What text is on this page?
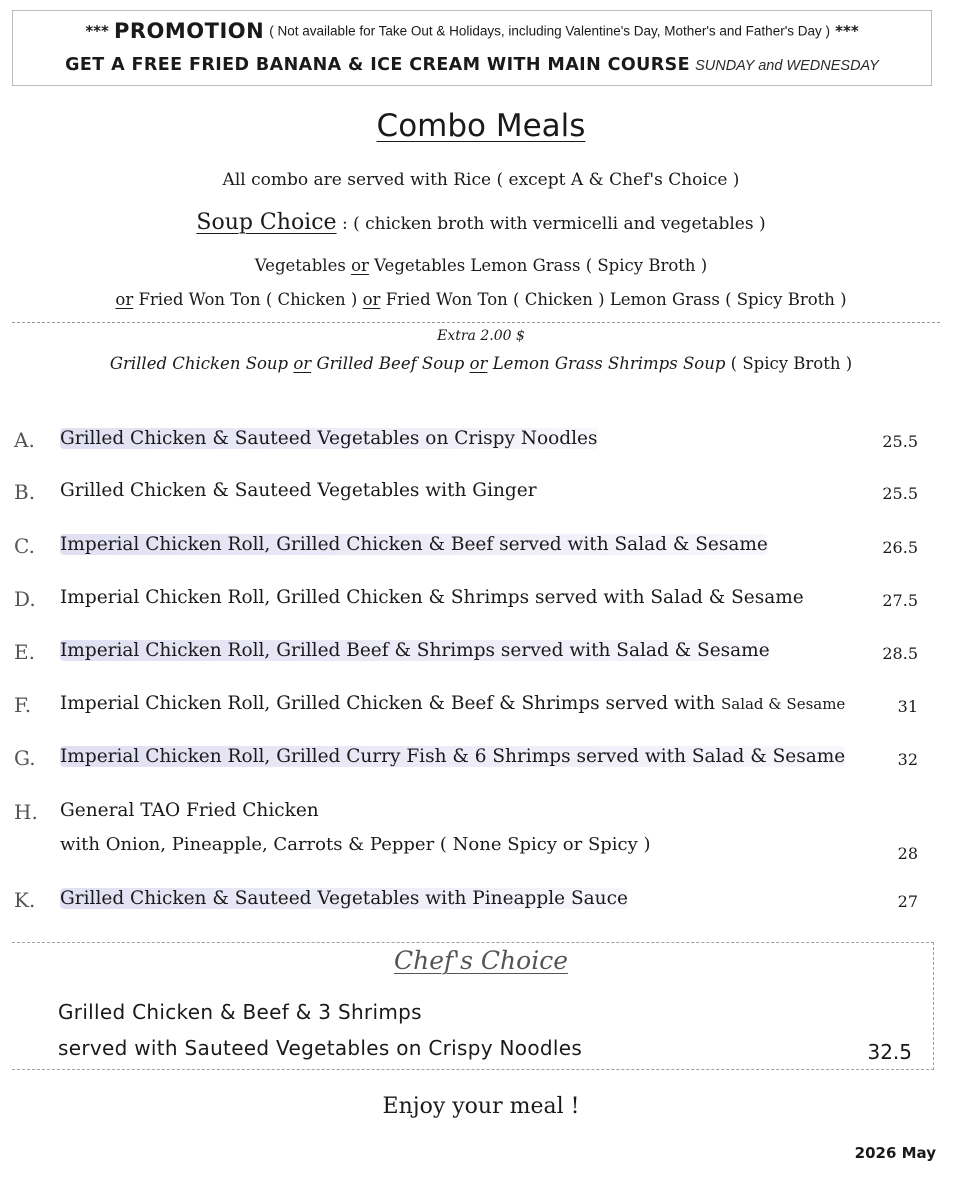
*** PROMOTION ( Not available for Take Out & Holidays, including Valentine's Day, Mother's and Father's Day ) ***
GET A FREE FRIED BANANA & ICE CREAM WITH MAIN COURSE SUNDAY and WEDNESDAY
Combo Meals
All combo are served with Rice ( except A & Chef's Choice )
Soup Choice : ( chicken broth with vermicelli and vegetables )
Vegetables or Vegetables Lemon Grass ( Spicy Broth )
or Fried Won Ton ( Chicken ) or Fried Won Ton ( Chicken ) Lemon Grass ( Spicy Broth )
Extra 2.00 $
Grilled Chicken Soup or Grilled Beef Soup or Lemon Grass Shrimps Soup ( Spicy Broth )
A. Grilled Chicken & Sauteed Vegetables on Crispy Noodles	25.5
B. Grilled Chicken & Sauteed Vegetables with Ginger	25.5
C. Imperial Chicken Roll, Grilled Chicken & Beef served with Salad & Sesame	26.5
D. Imperial Chicken Roll, Grilled Chicken & Shrimps served with Salad & Sesame	27.5
E. Imperial Chicken Roll, Grilled Beef & Shrimps served with Salad & Sesame	28.5
F. Imperial Chicken Roll, Grilled Chicken & Beef & Shrimps served with Salad & Sesame	31
G. Imperial Chicken Roll, Grilled Curry Fish & 6 Shrimps served with Salad & Sesame	32
H. General TAO Fried Chicken
with Onion, Pineapple, Carrots & Pepper ( None Spicy or Spicy )	28
K. Grilled Chicken & Sauteed Vegetables with Pineapple Sauce	27
Chef's Choice
Grilled Chicken & Beef & 3 Shrimps
served with Sauteed Vegetables on Crispy Noodles	32.5
Enjoy your meal !
2026 May
